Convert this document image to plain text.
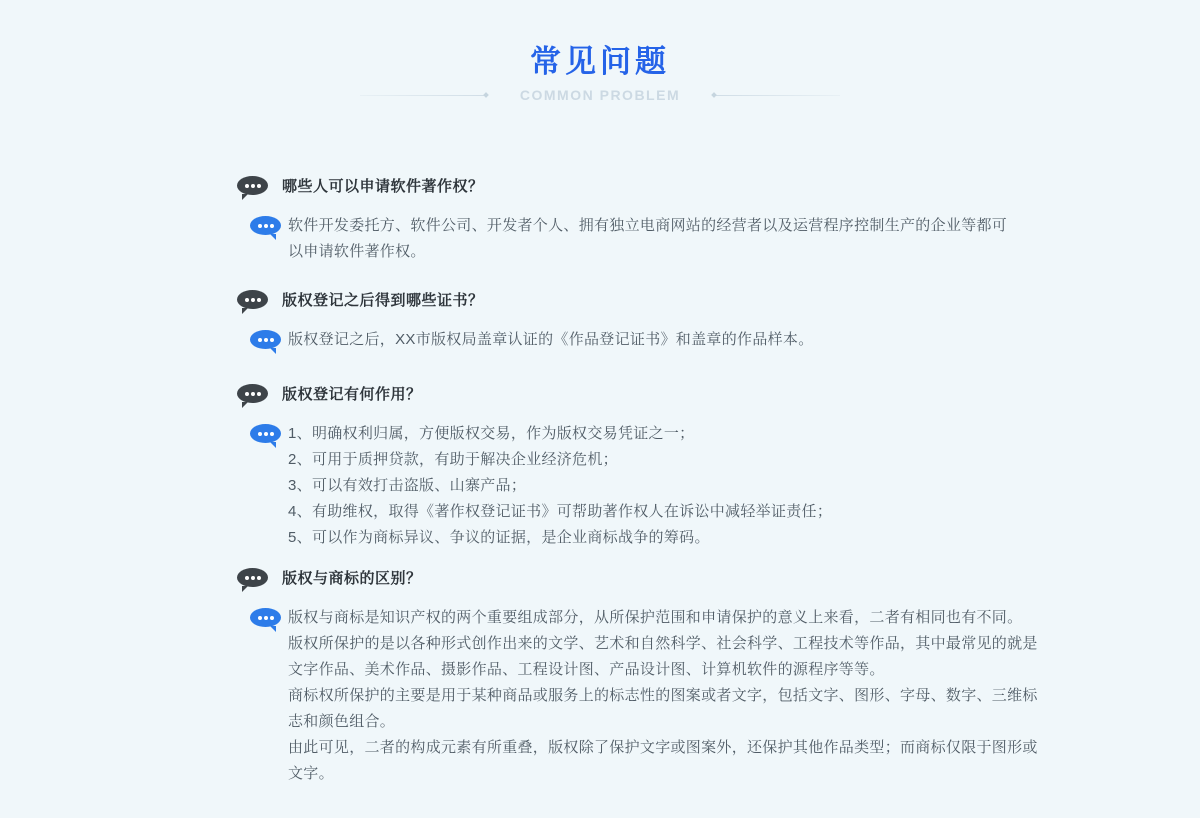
常见问题
COMMON PROBLEM
哪些人可以申请软件著作权？

软件开发委托方、软件公司、开发者个人、拥有独立电商网站的经营者以及运营程序控制生产的企业等都可

以申请软件著作权。

版权登记之后得到哪些证书？

版权登记之后，XX市版权局盖章认证的《作品登记证书》和盖章的作品样本。

版权登记有何作用？

1、明确权利归属，方便版权交易，作为版权交易凭证之一；

2、可用于质押贷款，有助于解决企业经济危机；

3、可以有效打击盗版、山寨产品；

4、有助维权，取得《著作权登记证书》可帮助著作权人在诉讼中减轻举证责任；

5、可以作为商标异议、争议的证据，是企业商标战争的筹码。

版权与商标的区别？

版权与商标是知识产权的两个重要组成部分，从所保护范围和申请保护的意义上来看，二者有相同也有不同。

版权所保护的是以各种形式创作出来的文学、艺术和自然科学、社会科学、工程技术等作品，其中最常见的就是

文字作品、美术作品、摄影作品、工程设计图、产品设计图、计算机软件的源程序等等。

商标权所保护的主要是用于某种商品或服务上的标志性的图案或者文字，包括文字、图形、字母、数字、三维标

志和颜色组合。

由此可见，二者的构成元素有所重叠，版权除了保护文字或图案外，还保护其他作品类型；而商标仅限于图形或

文字。
